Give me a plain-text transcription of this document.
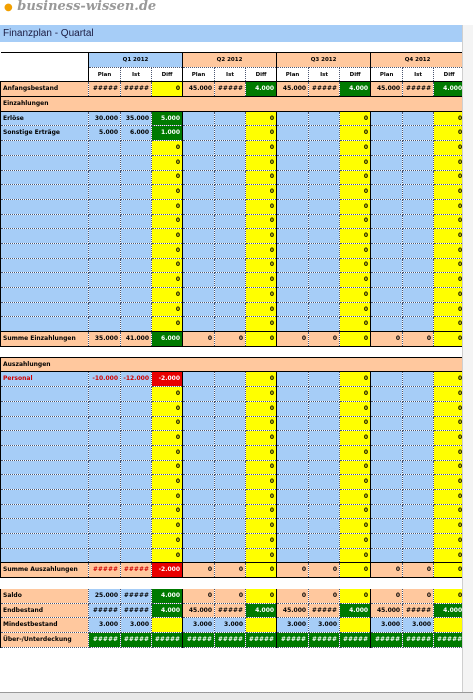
● business-wissen.de
Finanzplan - Quartal
	Q1 2012			Q2 2012			Q3 2012			Q4 2012		
	Plan	Ist	Diff	Plan	Ist	Diff	Plan	Ist	Diff	Plan	Ist	Diff
Anfangsbestand	#####	#####	0	45.000	#####	4.000	45.000	#####	4.000	45.000	#####	4.000
Einzahlungen												
Erlöse	30.000	35.000	5.000			0			0			0
Sonstige Erträge	5.000	6.000	1.000			0			0			0
			0			0			0			0
			0			0			0			0
			0			0			0			0
			0			0			0			0
			0			0			0			0
			0			0			0			0
			0			0			0			0
			0			0			0			0
			0			0			0			0
			0			0			0			0
			0			0			0			0
			0			0			0			0
			0			0			0			0
Summe Einzahlungen	35.000	41.000	6.000	0	0	0	0	0	0	0	0	0

Auszahlungen												
Personal	-10.000	-12.000	-2.000			0			0			0
			0			0			0			0
			0			0			0			0
			0			0			0			0
			0			0			0			0
			0			0			0			0
			0			0			0			0
			0			0			0			0
			0			0			0			0
			0			0			0			0
			0			0			0			0
			0			0			0			0
			0			0			0			0
Summe Auszahlungen	#####	#####	-2.000	0	0	0	0	0	0	0	0	0

Saldo	25.000	#####	4.000	0	0	0	0	0	0	0	0	0
Endbestand	#####	#####	4.000	45.000	#####	4.000	45.000	#####	4.000	45.000	#####	4.000
Mindestbestand	3.000	3.000		3.000	3.000		3.000	3.000		3.000	3.000	
Über-/Unterdeckung	#####	#####	#####	#####	#####	#####	#####	#####	#####	#####	#####	#####
